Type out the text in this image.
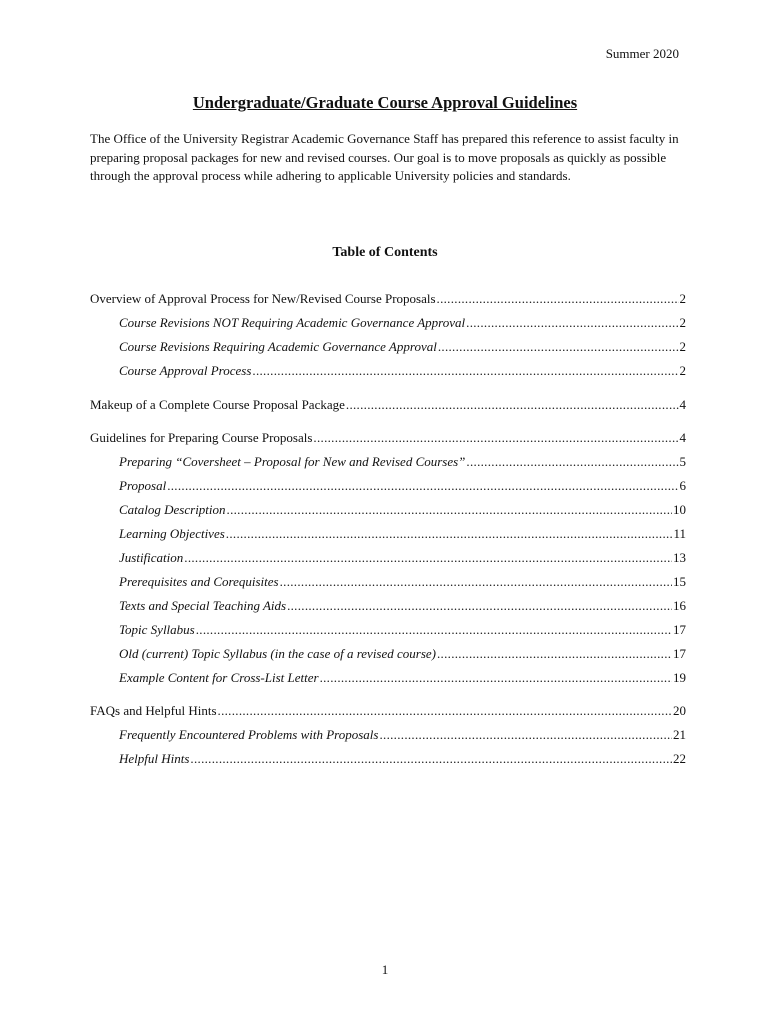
Summer 2020
Undergraduate/Graduate Course Approval Guidelines

The Office of the University Registrar Academic Governance Staff has prepared this reference to assist faculty in preparing proposal packages for new and revised courses. Our goal is to move proposals as quickly as possible through the approval process while adhering to applicable University policies and standards.

Table of Contents
Overview of Approval Process for New/Revised Course Proposals .....	2
Course Revisions NOT Requiring Academic Governance Approval .....	2
Course Revisions Requiring Academic Governance Approval .....	2
Course Approval Process .....	2
Makeup of a Complete Course Proposal Package .....	4
Guidelines for Preparing Course Proposals .....	4
Preparing “Coversheet – Proposal for New and Revised Courses” .....	5
Proposal .....	6
Catalog Description .....	10
Learning Objectives .....	11
Justification .....	13
Prerequisites and Corequisites .....	15
Texts and Special Teaching Aids .....	16
Topic Syllabus .....	17
Old (current) Topic Syllabus (in the case of a revised course) .....	17
Example Content for Cross-List Letter .....	19
FAQs and Helpful Hints .....	20
Frequently Encountered Problems with Proposals .....	21
Helpful Hints .....	22
1
